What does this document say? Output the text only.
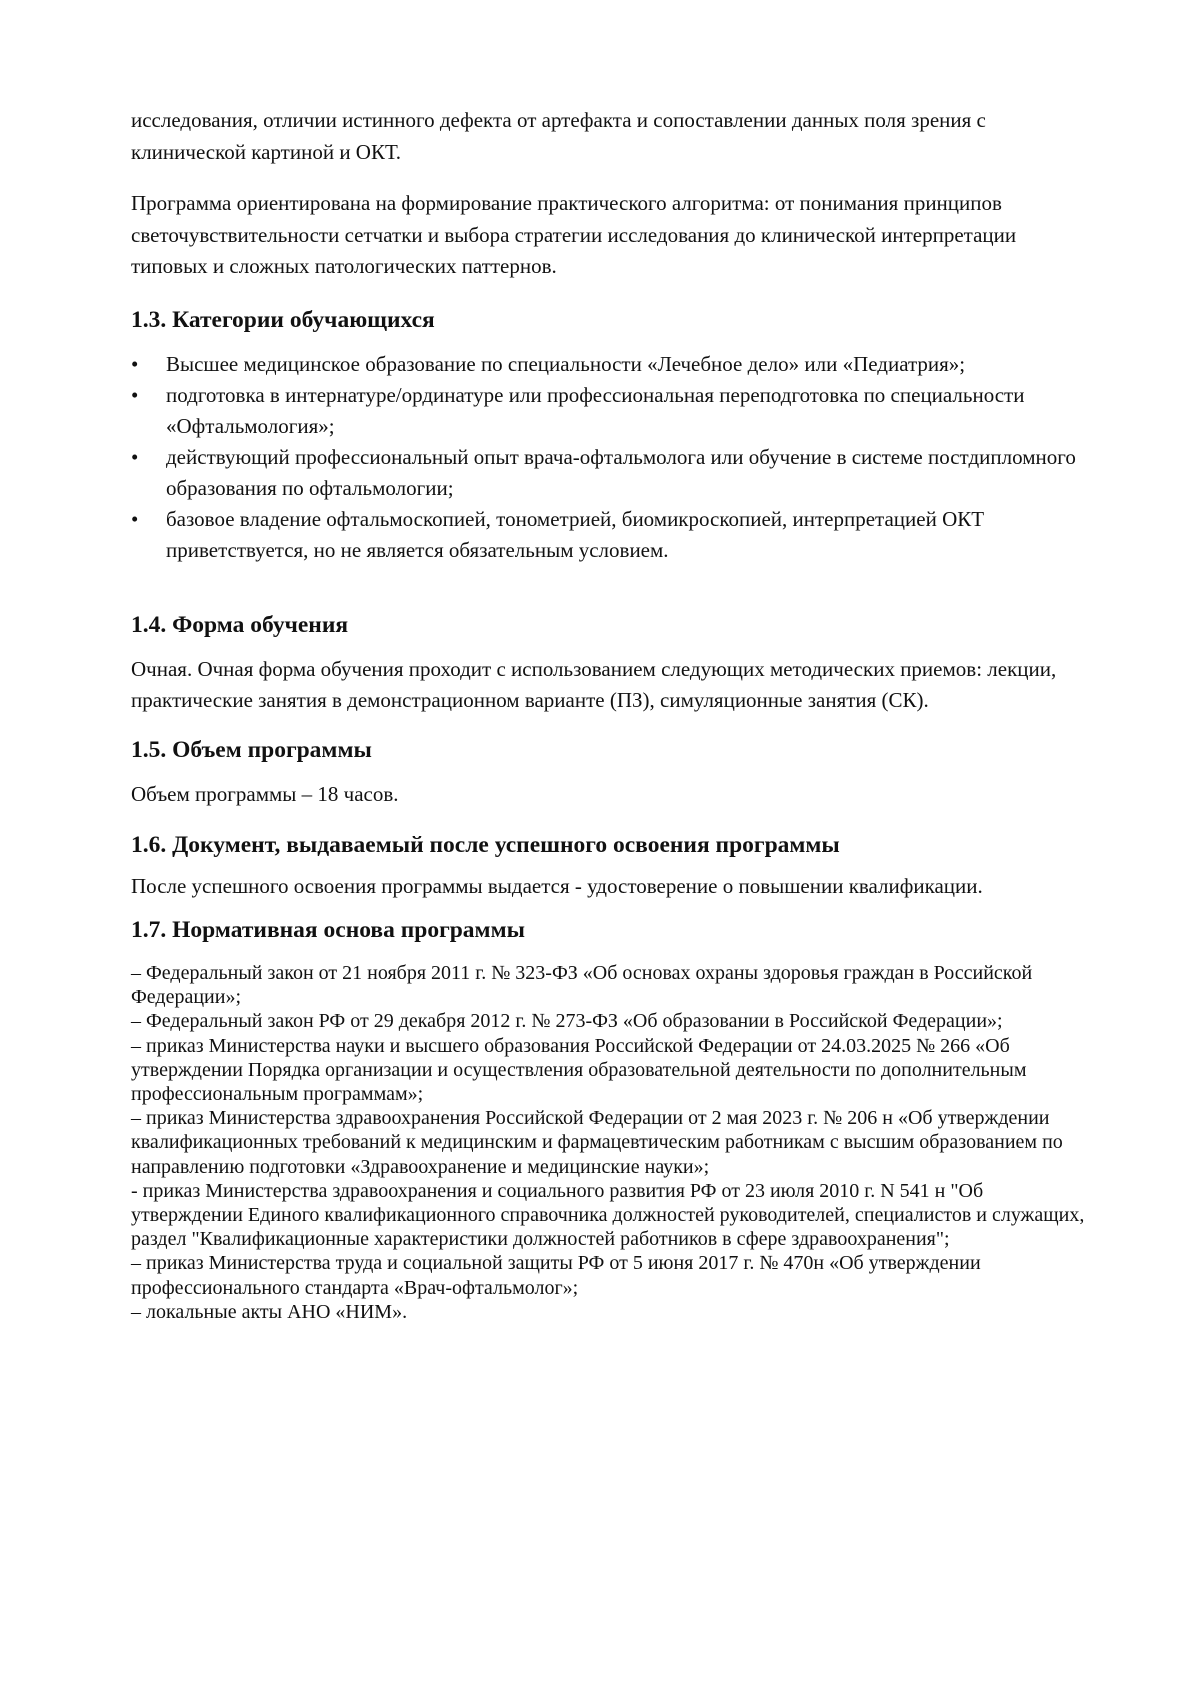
исследования, отличии истинного дефекта от артефакта и сопоставлении данных поля зрения с клинической картиной и ОКТ.

Программа ориентирована на формирование практического алгоритма: от понимания принципов светочувствительности сетчатки и выбора стратегии исследования до клинической интерпретации типовых и сложных патологических паттернов.

1.3. Категории обучающихся
• Высшее медицинское образование по специальности «Лечебное дело» или «Педиатрия»;
• подготовка в интернатуре/ординатуре или профессиональная переподготовка по специальности «Офтальмология»;
• действующий профессиональный опыт врача-офтальмолога или обучение в системе постдипломного образования по офтальмологии;
• базовое владение офтальмоскопией, тонометрией, биомикроскопией, интерпретацией ОКТ приветствуется, но не является обязательным условием.
1.4. Форма обучения

Очная. Очная форма обучения проходит с использованием следующих методических приемов: лекции, практические занятия в демонстрационном варианте (ПЗ), симуляционные занятия (СК).

1.5. Объем программы

Объем программы – 18 часов.

1.6. Документ, выдаваемый после успешного освоения программы

После успешного освоения программы выдается - удостоверение о повышении квалификации.

1.7. Нормативная основа программы
– Федеральный закон от 21 ноября 2011 г. № 323-ФЗ «Об основах охраны здоровья граждан в Российской Федерации»;
– Федеральный закон РФ от 29 декабря 2012 г. № 273-ФЗ «Об образовании в Российской Федерации»;
– приказ Министерства науки и высшего образования Российской Федерации от 24.03.2025 № 266 «Об утверждении Порядка организации и осуществления образовательной деятельности по дополнительным профессиональным программам»;
– приказ Министерства здравоохранения Российской Федерации от 2 мая 2023 г. № 206 н «Об утверждении квалификационных требований к медицинским и фармацевтическим работникам с высшим образованием по направлению подготовки «Здравоохранение и медицинские науки»;
- приказ Министерства здравоохранения и социального развития РФ от 23 июля 2010 г. N 541 н "Об утверждении Единого квалификационного справочника должностей руководителей, специалистов и служащих, раздел "Квалификационные характеристики должностей работников в сфере здравоохранения";
– приказ Министерства труда и социальной защиты РФ от 5 июня 2017 г. № 470н «Об утверждении профессионального стандарта «Врач-офтальмолог»;
– локальные акты АНО «НИМ».
